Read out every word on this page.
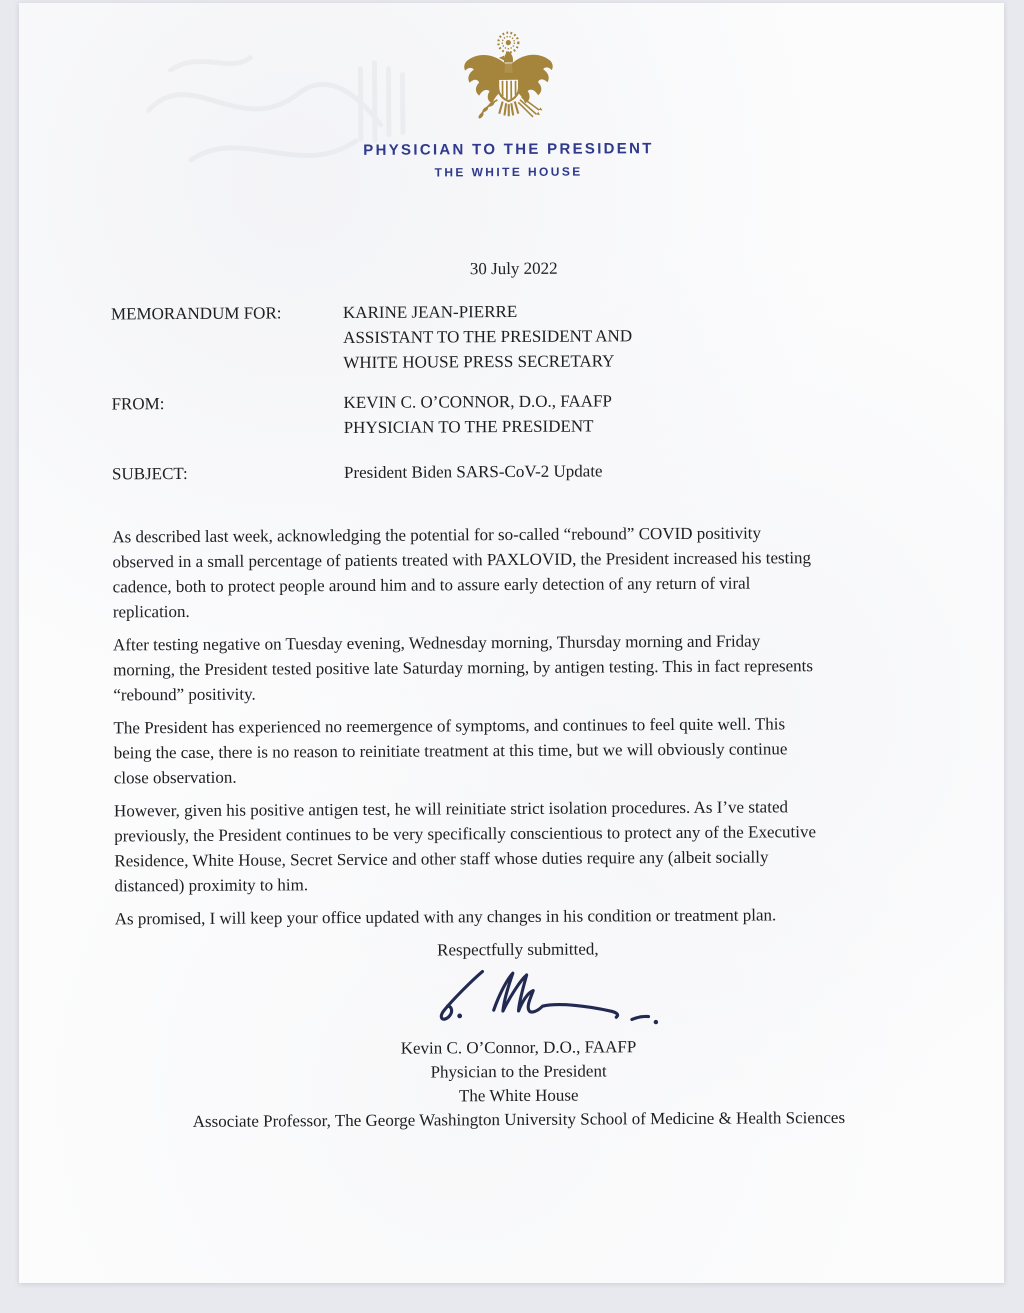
PHYSICIAN TO THE PRESIDENT
THE WHITE HOUSE
30 July 2022
MEMORANDUM FOR:	KARINE JEAN-PIERRE
ASSISTANT TO THE PRESIDENT AND
WHITE HOUSE PRESS SECRETARY
FROM:	KEVIN C. O’CONNOR, D.O., FAAFP
PHYSICIAN TO THE PRESIDENT
SUBJECT:	President Biden SARS-CoV-2 Update
As described last week, acknowledging the potential for so-called “rebound” COVID positivity
observed in a small percentage of patients treated with PAXLOVID, the President increased his testing
cadence, both to protect people around him and to assure early detection of any return of viral
replication.
After testing negative on Tuesday evening, Wednesday morning, Thursday morning and Friday
morning, the President tested positive late Saturday morning, by antigen testing. This in fact represents
“rebound” positivity.
The President has experienced no reemergence of symptoms, and continues to feel quite well. This
being the case, there is no reason to reinitiate treatment at this time, but we will obviously continue
close observation.
However, given his positive antigen test, he will reinitiate strict isolation procedures. As I’ve stated
previously, the President continues to be very specifically conscientious to protect any of the Executive
Residence, White House, Secret Service and other staff whose duties require any (albeit socially
distanced) proximity to him.
As promised, I will keep your office updated with any changes in his condition or treatment plan.
Respectfully submitted,
Kevin C. O’Connor, D.O., FAAFP
Physician to the President
The White House
Associate Professor, The George Washington University School of Medicine & Health Sciences
